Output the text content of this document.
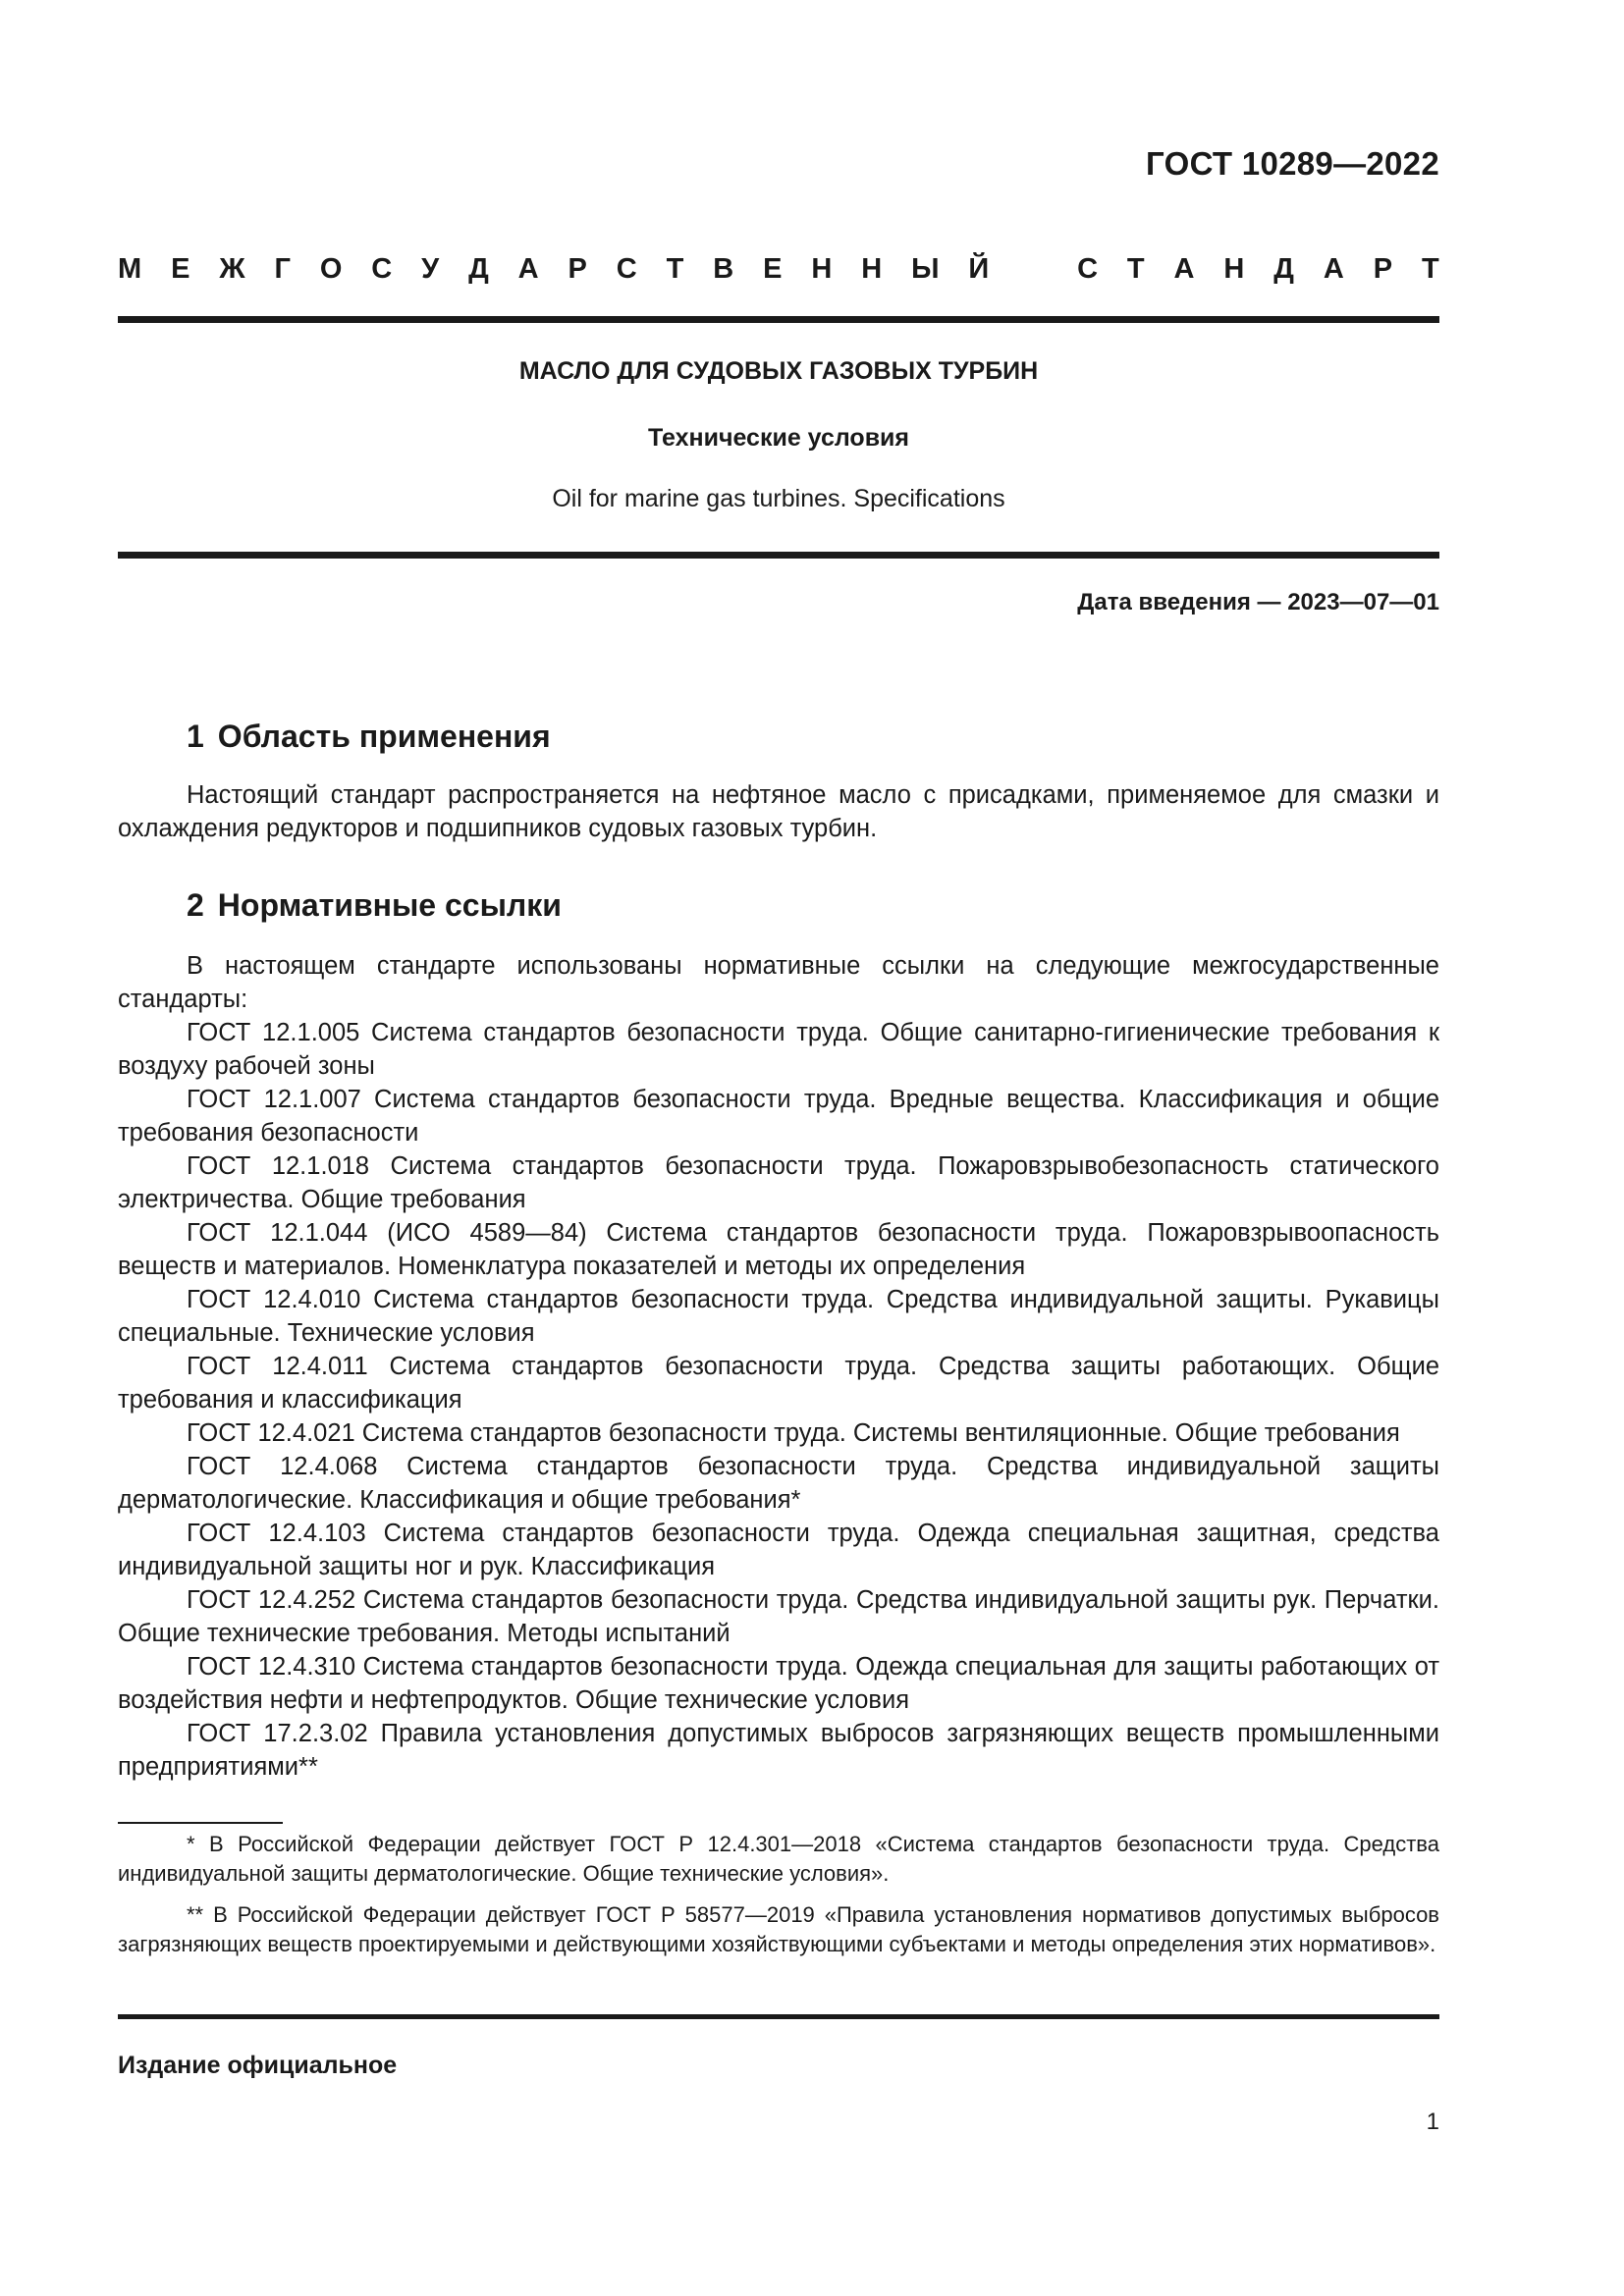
ГОСТ 10289—2022
М Е Ж Г О С У Д А Р С Т В Е Н Н Ы Й	С Т А Н Д А Р Т
МАСЛО ДЛЯ СУДОВЫХ ГАЗОВЫХ ТУРБИН
Технические условия
Oil for marine gas turbines. Specifications
Дата введения — 2023—07—01
1 Область применения

Настоящий стандарт распространяется на нефтяное масло с присадками, применяемое для смазки и охлаждения редукторов и подшипников судовых газовых турбин.

2 Нормативные ссылки

В настоящем стандарте использованы нормативные ссылки на следующие межгосударственные стандарты:

ГОСТ 12.1.005 Система стандартов безопасности труда. Общие санитарно-гигиенические требования к воздуху рабочей зоны

ГОСТ 12.1.007 Система стандартов безопасности труда. Вредные вещества. Классификация и общие требования безопасности

ГОСТ 12.1.018 Система стандартов безопасности труда. Пожаровзрывобезопасность статического электричества. Общие требования

ГОСТ 12.1.044 (ИСО 4589—84) Система стандартов безопасности труда. Пожаровзрывоопасность веществ и материалов. Номенклатура показателей и методы их определения

ГОСТ 12.4.010 Система стандартов безопасности труда. Средства индивидуальной защиты. Рукавицы специальные. Технические условия

ГОСТ 12.4.011 Система стандартов безопасности труда. Средства защиты работающих. Общие требования и классификация

ГОСТ 12.4.021 Система стандартов безопасности труда. Системы вентиляционные. Общие требования

ГОСТ 12.4.068 Система стандартов безопасности труда. Средства индивидуальной защиты дерматологические. Классификация и общие требования*

ГОСТ 12.4.103 Система стандартов безопасности труда. Одежда специальная защитная, средства индивидуальной защиты ног и рук. Классификация

ГОСТ 12.4.252 Система стандартов безопасности труда. Средства индивидуальной защиты рук. Перчатки. Общие технические требования. Методы испытаний

ГОСТ 12.4.310 Система стандартов безопасности труда. Одежда специальная для защиты работающих от воздействия нефти и нефтепродуктов. Общие технические условия

ГОСТ 17.2.3.02 Правила установления допустимых выбросов загрязняющих веществ промышленными предприятиями**

* В Российской Федерации действует ГОСТ Р 12.4.301—2018 «Система стандартов безопасности труда. Средства индивидуальной защиты дерматологические. Общие технические условия».

** В Российской Федерации действует ГОСТ Р 58577—2019 «Правила установления нормативов допустимых выбросов загрязняющих веществ проектируемыми и действующими хозяйствующими субъектами и методы определения этих нормативов».

Издание официальное
1
